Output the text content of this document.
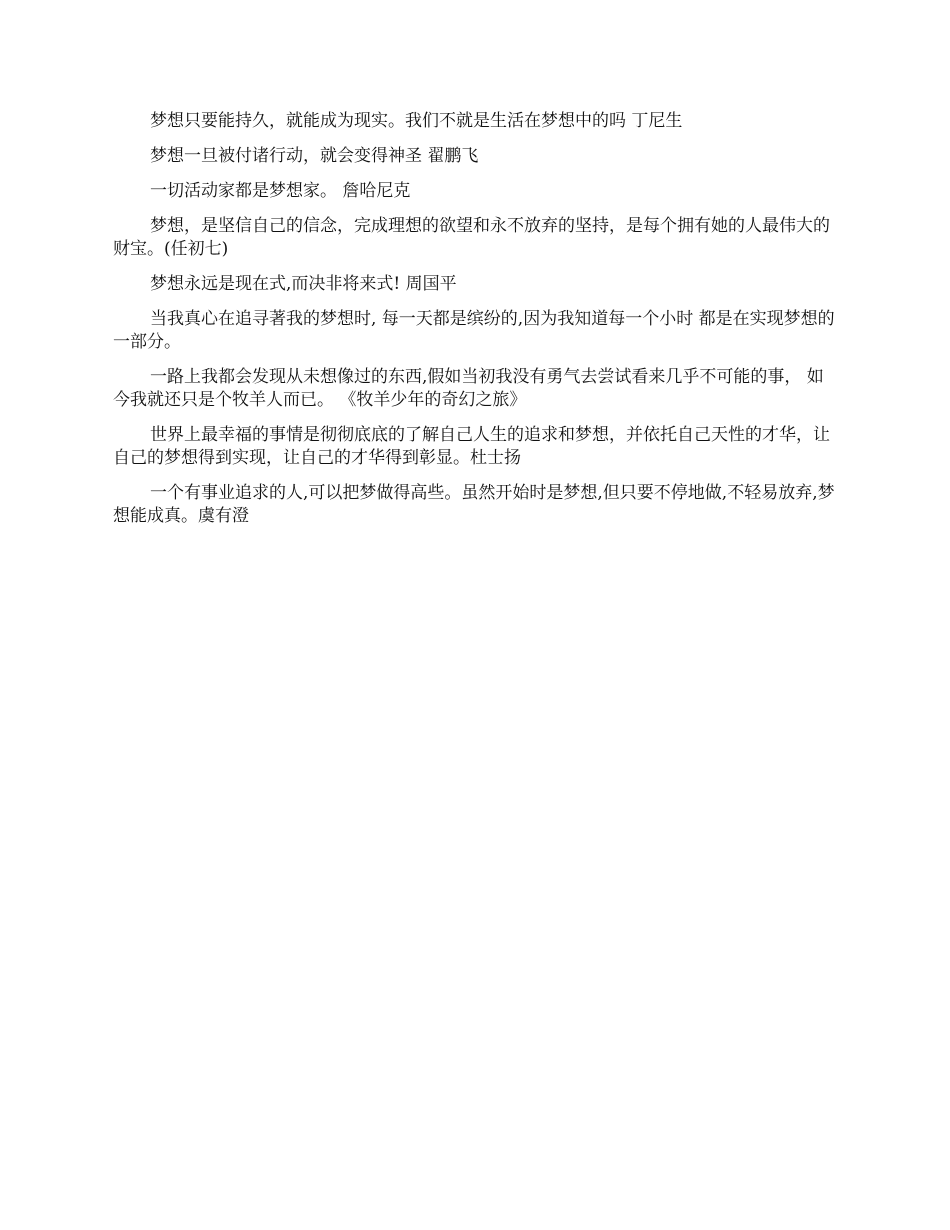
梦想只要能持久，就能成为现实。我们不就是生活在梦想中的吗 丁尼生

梦想一旦被付诸行动，就会变得神圣 翟鹏飞

一切活动家都是梦想家。 詹哈尼克

梦想，是坚信自己的信念，完成理想的欲望和永不放弃的坚持，是每个拥有她的人最伟大的财宝。(任初七)

梦想永远是现在式,而决非将来式! 周国平

当我真心在追寻著我的梦想时, 每一天都是缤纷的,因为我知道每一个小时 都是在实现梦想的一部分。

一路上我都会发现从未想像过的东西,假如当初我没有勇气去尝试看来几乎不可能的事， 如今我就还只是个牧羊人而已。 《牧羊少年的奇幻之旅》

世界上最幸福的事情是彻彻底底的了解自己人生的追求和梦想，并依托自己天性的才华，让自己的梦想得到实现，让自己的才华得到彰显。杜士扬

一个有事业追求的人,可以把梦做得高些。虽然开始时是梦想,但只要不停地做,不轻易放弃,梦想能成真。虞有澄
